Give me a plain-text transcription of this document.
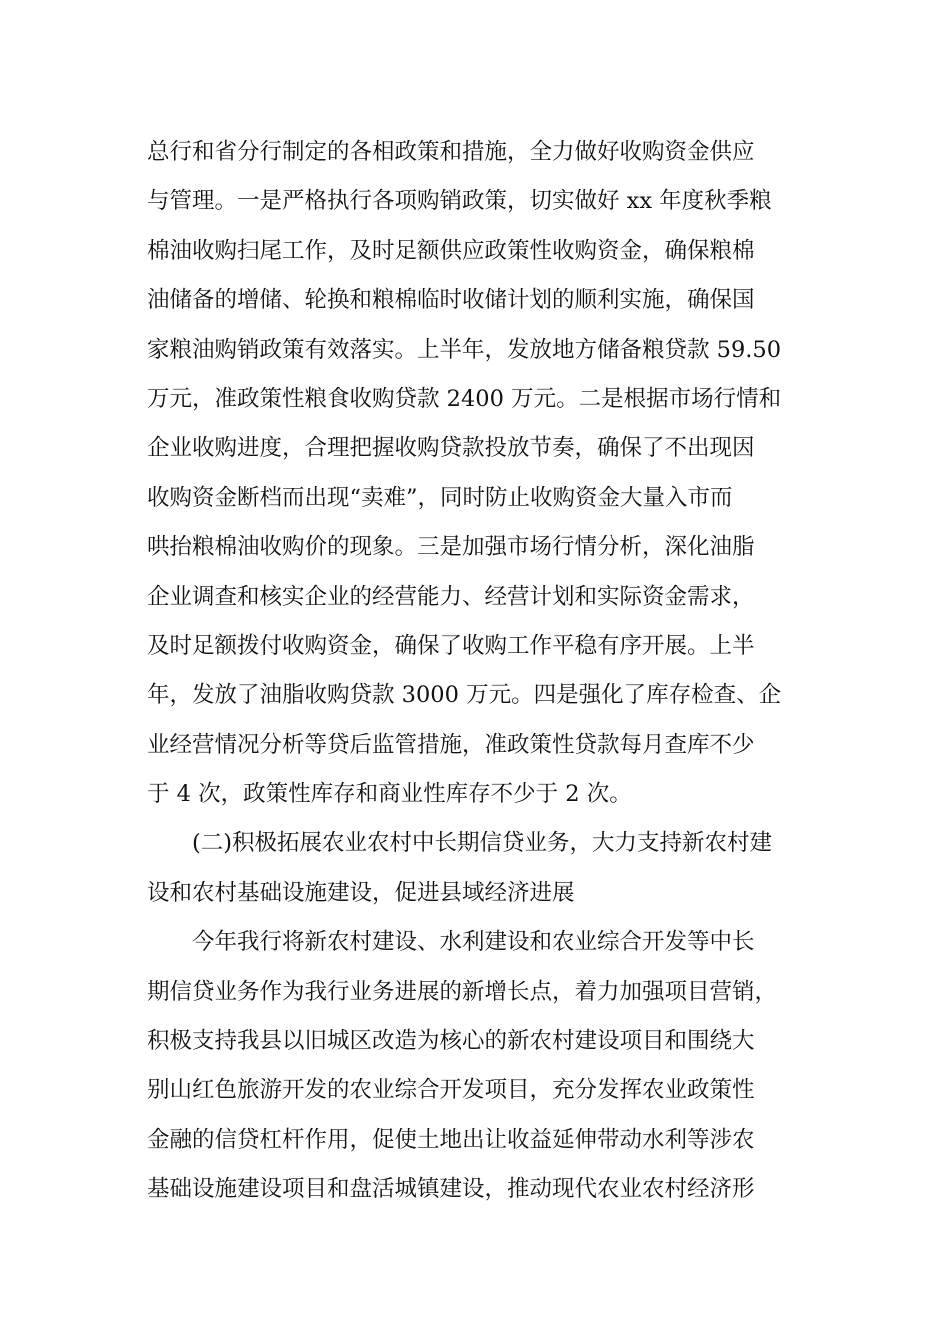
总行和省分行制定的各相政策和措施，全力做好收购资金供应
与管理。一是严格执行各项购销政策，切实做好 xx 年度秋季粮
棉油收购扫尾工作，及时足额供应政策性收购资金，确保粮棉
油储备的增储、轮换和粮棉临时收储计划的顺利实施，确保国
家粮油购销政策有效落实。上半年，发放地方储备粮贷款 59.50
万元，准政策性粮食收购贷款 2400 万元。二是根据市场行情和
企业收购进度，合理把握收购贷款投放节奏，确保了不出现因
收购资金断档而出现“卖难”，同时防止收购资金大量入市而
哄抬粮棉油收购价的现象。三是加强市场行情分析，深化油脂
企业调查和核实企业的经营能力、经营计划和实际资金需求，
及时足额拨付收购资金，确保了收购工作平稳有序开展。上半
年，发放了油脂收购贷款 3000 万元。四是强化了库存检查、企
业经营情况分析等贷后监管措施，准政策性贷款每月查库不少
于 4 次，政策性库存和商业性库存不少于 2 次。
(二)积极拓展农业农村中长期信贷业务，大力支持新农村建
设和农村基础设施建设，促进县域经济进展
今年我行将新农村建设、水利建设和农业综合开发等中长
期信贷业务作为我行业务进展的新增长点，着力加强项目营销，
积极支持我县以旧城区改造为核心的新农村建设项目和围绕大
别山红色旅游开发的农业综合开发项目，充分发挥农业政策性
金融的信贷杠杆作用，促使土地出让收益延伸带动水利等涉农
基础设施建设项目和盘活城镇建设，推动现代农业农村经济形
